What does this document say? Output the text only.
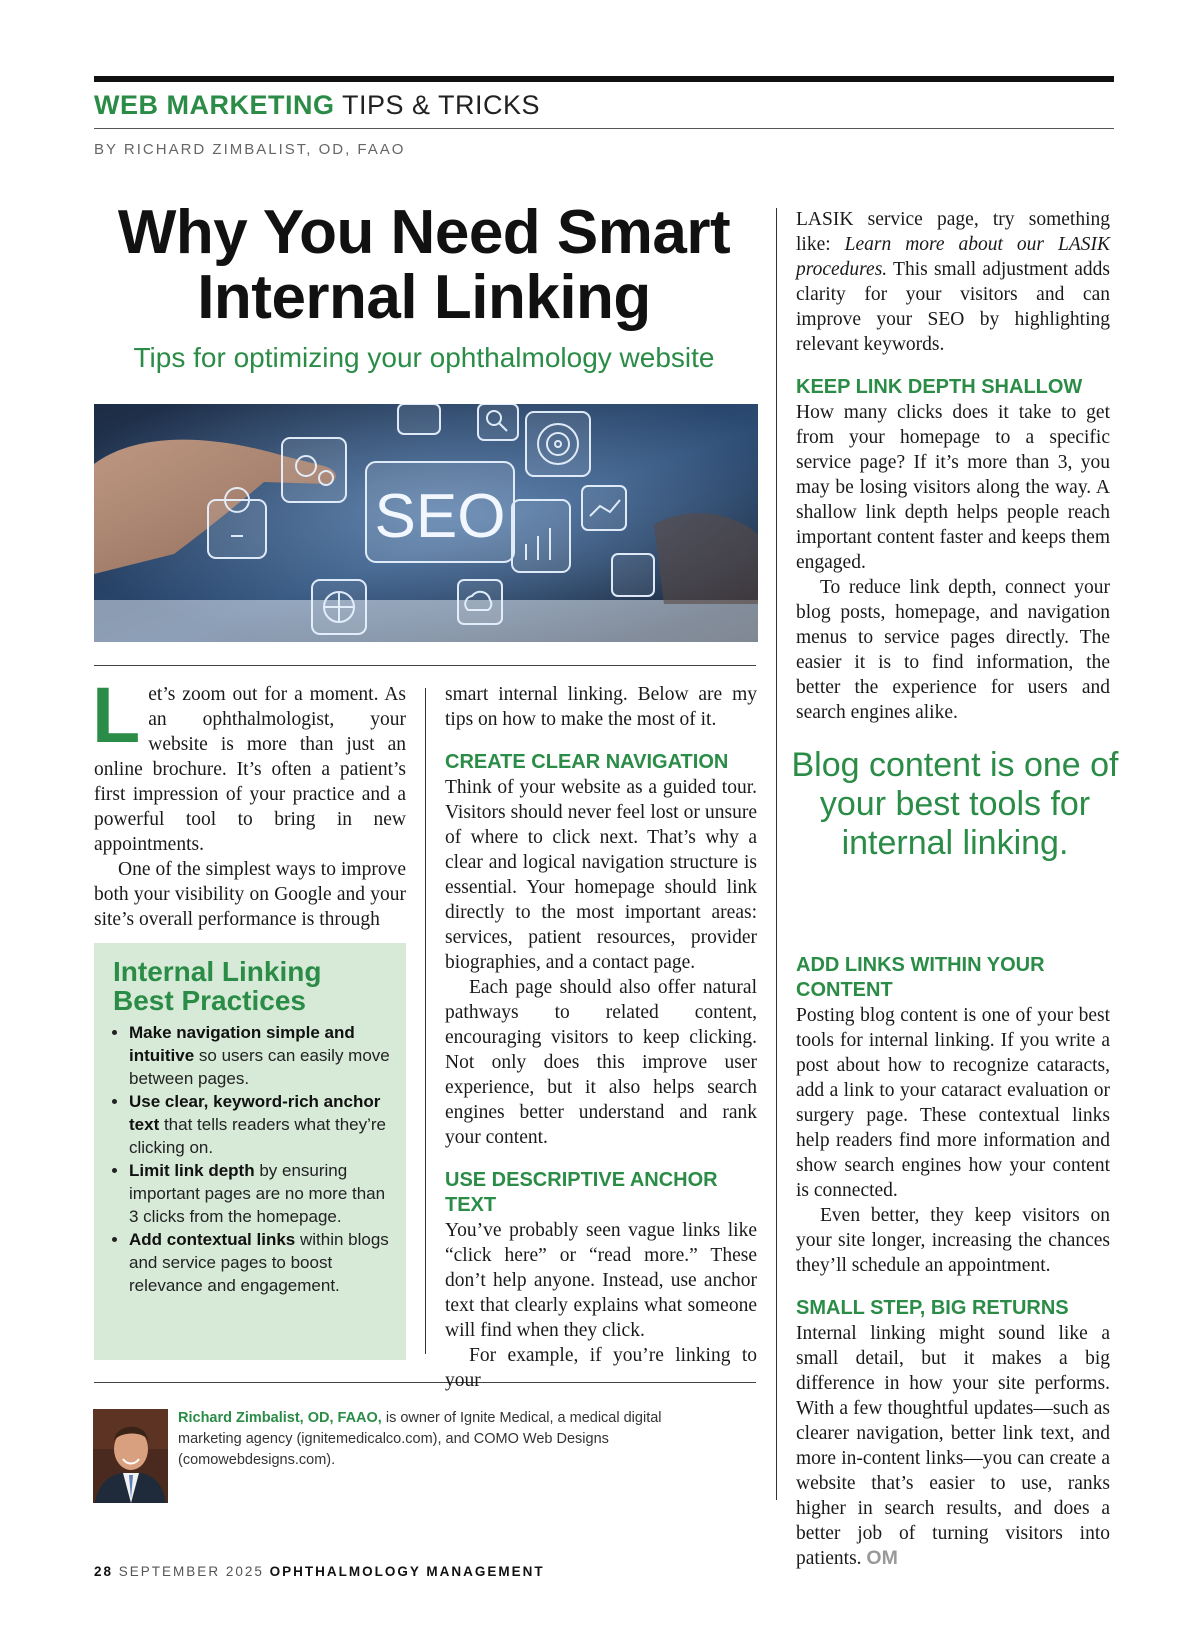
WEB MARKETING TIPS & TRICKS
BY RICHARD ZIMBALIST, OD, FAAO
Why You Need Smart Internal Linking
Tips for optimizing your ophthalmology website
SEO

Let’s zoom out for a moment. As an ophthalmologist, your website is more than just an online brochure. It’s often a patient’s first impression of your practice and a powerful tool to bring in new appointments.

One of the simplest ways to improve both your visibility on Google and your site’s overall performance is through

Internal Linking Best Practices
• Make navigation simple and intuitive so users can easily move between pages.
• Use clear, keyword-rich anchor text that tells readers what they’re clicking on.
• Limit link depth by ensuring important pages are no more than 3 clicks from the homepage.
• Add contextual links within blogs and service pages to boost relevance and engagement.

smart internal linking. Below are my tips on how to make the most of it.

CREATE CLEAR NAVIGATION

Think of your website as a guided tour. Visitors should never feel lost or unsure of where to click next. That’s why a clear and logical navigation structure is essential. Your homepage should link directly to the most important areas: services, patient resources, provider biographies, and a contact page.

Each page should also offer natural pathways to related content, encouraging visitors to keep clicking. Not only does this improve user experience, but it also helps search engines better understand and rank your content.

USE DESCRIPTIVE ANCHOR TEXT

You’ve probably seen vague links like “click here” or “read more.” These don’t help anyone. Instead, use anchor text that clearly explains what someone will find when they click.

For example, if you’re linking to your

LASIK service page, try something like: Learn more about our LASIK procedures. This small adjustment adds clarity for your visitors and can improve your SEO by highlighting relevant keywords.

KEEP LINK DEPTH SHALLOW

How many clicks does it take to get from your homepage to a specific service page? If it’s more than 3, you may be losing visitors along the way. A shallow link depth helps people reach important content faster and keeps them engaged.

To reduce link depth, connect your blog posts, homepage, and navigation menus to service pages directly. The easier it is to find information, the better the experience for users and search engines alike.

ADD LINKS WITHIN YOUR CONTENT

Posting blog content is one of your best tools for internal linking. If you write a post about how to recognize cataracts, add a link to your cataract evaluation or surgery page. These contextual links help readers find more information and show search engines how your content is connected.

Even better, they keep visitors on your site longer, increasing the chances they’ll schedule an appointment.

SMALL STEP, BIG RETURNS

Internal linking might sound like a small detail, but it makes a big difference in how your site performs. With a few thoughtful updates—such as clearer navigation, better link text, and more in-content links—you can create a website that’s easier to use, ranks higher in search results, and does a better job of turning visitors into patients. OM

Blog content is one of your best tools for internal linking.
Richard Zimbalist, OD, FAAO, is owner of Ignite Medical, a medical digital marketing agency (ignitemedicalco.com), and COMO Web Designs (comowebdesigns.com).
28 SEPTEMBER 2025 OPHTHALMOLOGY MANAGEMENT
